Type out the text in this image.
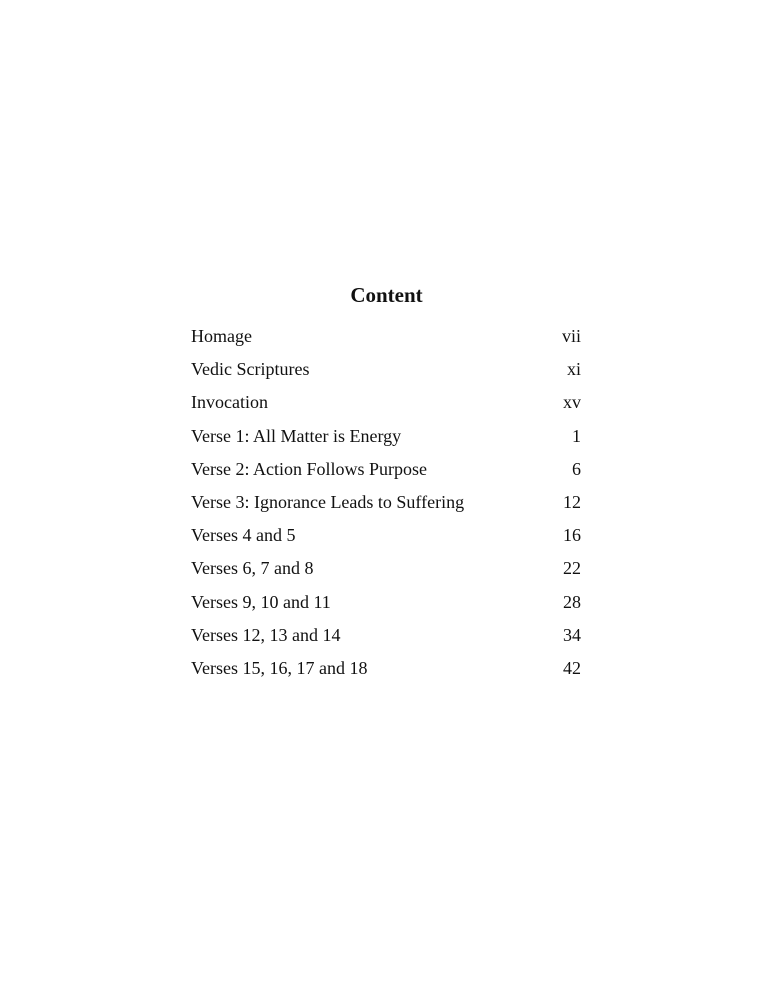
Content
Homage	vii
Vedic Scriptures	xi
Invocation	xv
Verse 1: All Matter is Energy	1
Verse 2: Action Follows Purpose	6
Verse 3: Ignorance Leads to Suffering	12
Verses 4 and 5	16
Verses 6, 7 and 8	22
Verses 9, 10 and 11	28
Verses 12, 13 and 14	34
Verses 15, 16, 17 and 18	42
